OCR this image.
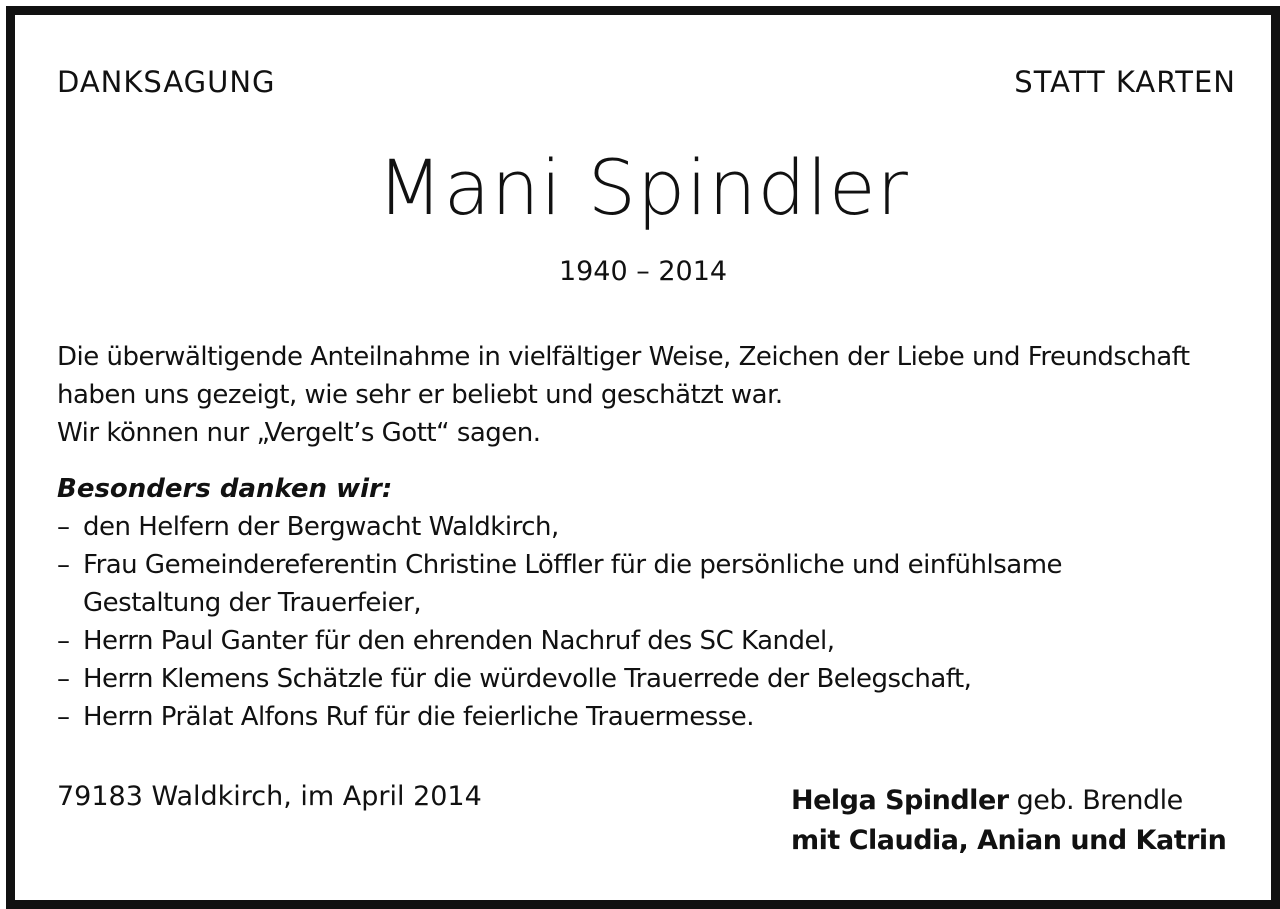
DANKSAGUNG	STATT KARTEN
Mani Spindler
1940 – 2014
Die überwältigende Anteilnahme in vielfältiger Weise, Zeichen der Liebe und Freundschaft
haben uns gezeigt, wie sehr er beliebt und geschätzt war.
Wir können nur „Vergelt’s Gott“ sagen.
Besonders danken wir:
– den Helfern der Bergwacht Waldkirch,
– Frau Gemeindereferentin Christine Löffler für die persönliche und einfühlsame
Gestaltung der Trauerfeier,
– Herrn Paul Ganter für den ehrenden Nachruf des SC Kandel,
– Herrn Klemens Schätzle für die würdevolle Trauerrede der Belegschaft,
– Herrn Prälat Alfons Ruf für die feierliche Trauermesse.
79183 Waldkirch, im April 2014	Helga Spindler geb. Brendle
mit Claudia, Anian und Katrin
